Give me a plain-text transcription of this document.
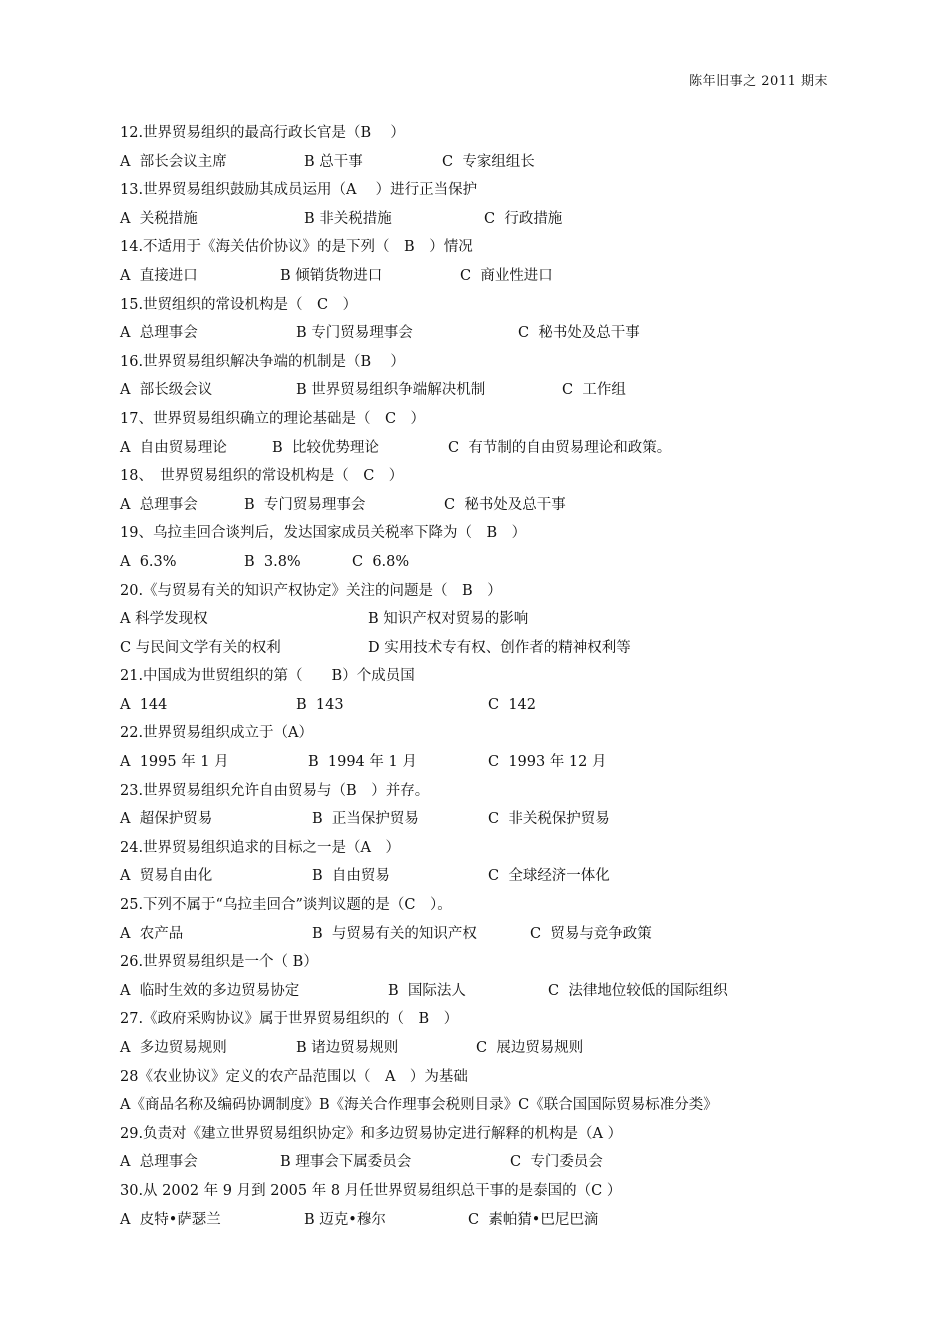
陈年旧事之 2011 期末
12.世界贸易组织的最高行政长官是（B　 ）
A  部长会议主席	B 总干事	C  专家组组长
13.世界贸易组织鼓励其成员运用（A　 ）进行正当保护
A  关税措施	B 非关税措施	C  行政措施
14.不适用于《海关估价协议》的是下列（　B　）情况
A  直接进口	B 倾销货物进口	C  商业性进口
15.世贸组织的常设机构是（　C　）
A  总理事会	B 专门贸易理事会	C  秘书处及总干事
16.世界贸易组织解决争端的机制是（B　 ）
A  部长级会议	B 世界贸易组织争端解决机制	C  工作组
17、世界贸易组织确立的理论基础是（　C　）
A  自由贸易理论	B  比较优势理论	C  有节制的自由贸易理论和政策。
18、　世界贸易组织的常设机构是（　C　）
A  总理事会	B  专门贸易理事会	C  秘书处及总干事
19、乌拉圭回合谈判后，发达国家成员关税率下降为（　B　）
A  6.3%	B  3.8%	C  6.8%
20.《与贸易有关的知识产权协定》关注的问题是（　B　）
A 科学发现权	B 知识产权对贸易的影响
C 与民间文学有关的权利	D 实用技术专有权、创作者的精神权利等
21.中国成为世贸组织的第（　　B）个成员国
A  144	B  143	C  142
22.世界贸易组织成立于（A）
A  1995 年 1 月	B  1994 年 1 月	C  1993 年 12 月
23.世界贸易组织允许自由贸易与（B　）并存。
A  超保护贸易	B  正当保护贸易	C  非关税保护贸易
24.世界贸易组织追求的目标之一是（A　）
A  贸易自由化	B  自由贸易	C  全球经济一体化
25.下列不属于“乌拉圭回合”谈判议题的是（C　）。
A  农产品	B  与贸易有关的知识产权	C  贸易与竞争政策
26.世界贸易组织是一个（ B）
A  临时生效的多边贸易协定	B  国际法人	C  法律地位较低的国际组织
27.《政府采购协议》属于世界贸易组织的（　B　）
A  多边贸易规则	B 诸边贸易规则	C  展边贸易规则
28《农业协议》定义的农产品范围以（　A　）为基础
A《商品名称及编码协调制度》B《海关合作理事会税则目录》C《联合国国际贸易标准分类》
29.负责对《建立世界贸易组织协定》和多边贸易协定进行解释的机构是（A ）
A  总理事会	B 理事会下属委员会	C  专门委员会
30.从 2002 年 9 月到 2005 年 8 月任世界贸易组织总干事的是泰国的（C ）
A  皮特•萨瑟兰	B 迈克•穆尔	C  素帕猜•巴尼巴滴
